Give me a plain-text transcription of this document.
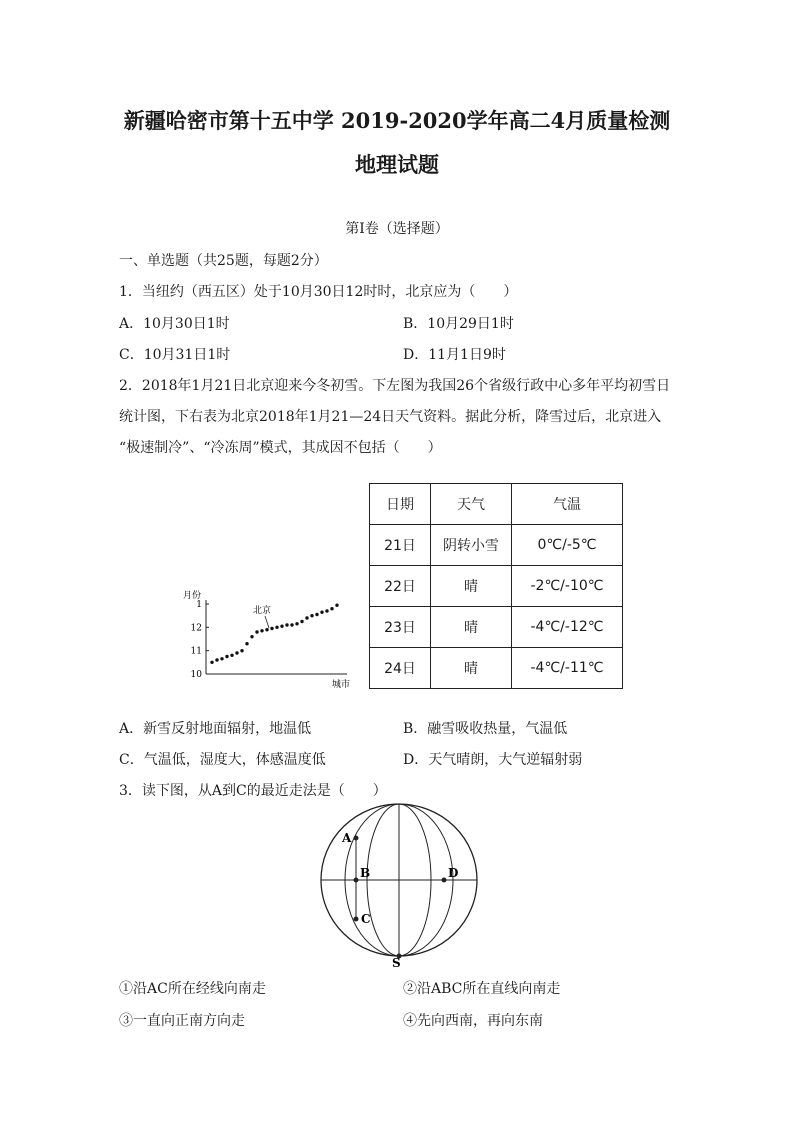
新疆哈密市第十五中学 2019-2020学年高二4月质量检测
地理试题
第Ⅰ卷（选择题）
一、单选题（共25题，每题2分）
1．当纽约（西五区）处于10月30日12时时，北京应为（　　）
A．10月30日1时	B．10月29日1时
C．10月31日1时	D．11月1日9时
2．2018年1月21日北京迎来今冬初雪。下左图为我国26个省级行政中心多年平均初雪日
统计图，下右表为北京2018年1月21—24日天气资料。据此分析，降雪过后，北京进入
“极速制冷”、“冷冻周”模式，其成因不包括（　　）
月份
城市
10
11
12
1
北京
日期	天气	气温
21日	阴转小雪	0℃/-5℃
22日	晴	-2℃/-10℃
23日	晴	-4℃/-12℃
24日	晴	-4℃/-11℃
A．新雪反射地面辐射，地温低	B．融雪吸收热量，气温低
C．气温低，湿度大，体感温度低	D．天气晴朗，大气逆辐射弱
3．读下图，从A到C的最近走法是（　　）
A
B
C
D
S
①沿AC所在经线向南走	②沿ABC所在直线向南走
③一直向正南方向走	④先向西南，再向东南
